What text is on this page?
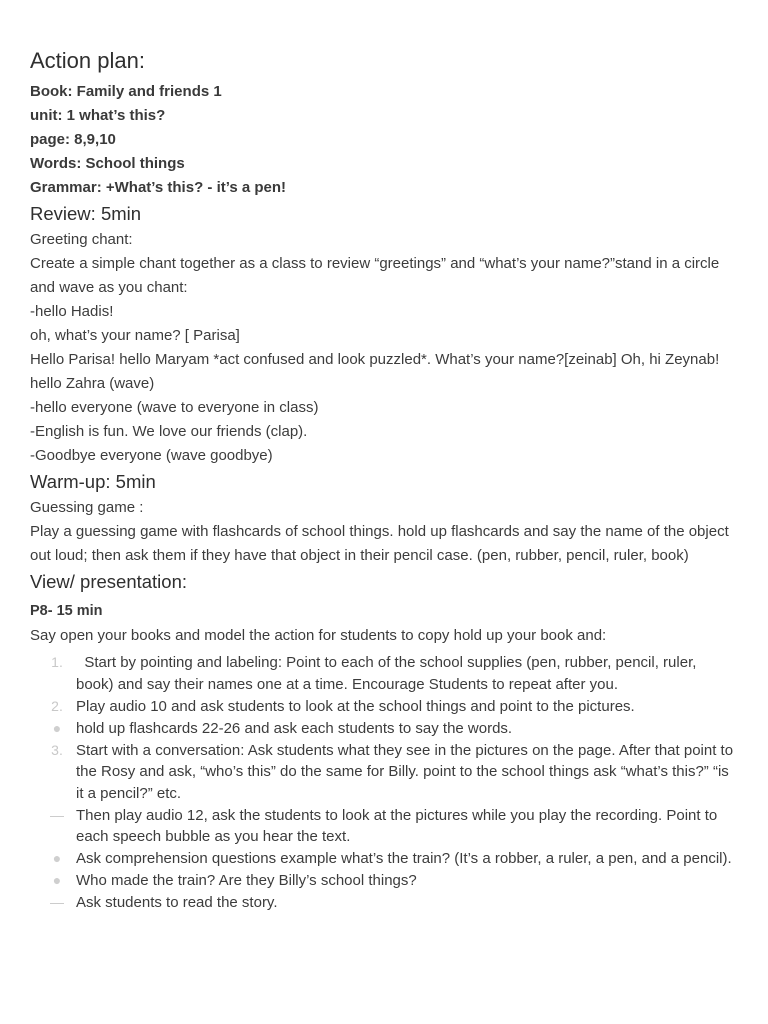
Action plan:

Book: Family and friends 1

unit: 1 what’s this?

page: 8,9,10

Words: School things

Grammar: +What’s this? - it’s a pen!

Review: 5min

Greeting chant:

Create a simple chant together as a class to review “greetings” and “what’s your name?”stand in a circle and wave as you chant:

-hello Hadis!

oh, what’s your name? [ Parisa]

Hello Parisa! hello Maryam *act confused and look puzzled*. What’s your name?[zeinab] Oh, hi Zeynab! hello Zahra (wave)

-hello everyone (wave to everyone in class)

-English is fun. We love our friends (clap).

-Goodbye everyone (wave goodbye)

Warm-up: 5min

Guessing game :

Play a guessing game with flashcards of school things. hold up flashcards and say the name of the object out loud; then ask them if they have that object in their pencil case. (pen, rubber, pencil, ruler, book)

View/ presentation:

P8- 15 min

Say open your books and model the action for students to copy hold up your book and:

1. Start by pointing and labeling: Point to each of the school supplies (pen, rubber, pencil, ruler, book) and say their names one at a time. Encourage Students to repeat after you.
2. Play audio 10 and ask students to look at the school things and point to the pictures.
● hold up flashcards 22-26 and ask each students to say the words.
3. Start with a conversation: Ask students what they see in the pictures on the page. After that point to the Rosy and ask, “who’s this” do the same for Billy. point to the school things ask “what’s this?” “is it a pencil?” etc.
— Then play audio 12, ask the students to look at the pictures while you play the recording. Point to each speech bubble as you hear the text.
● Ask comprehension questions example what’s the train? (It’s a robber, a ruler, a pen, and a pencil).
● Who made the train? Are they Billy’s school things?
— Ask students to read the story.
